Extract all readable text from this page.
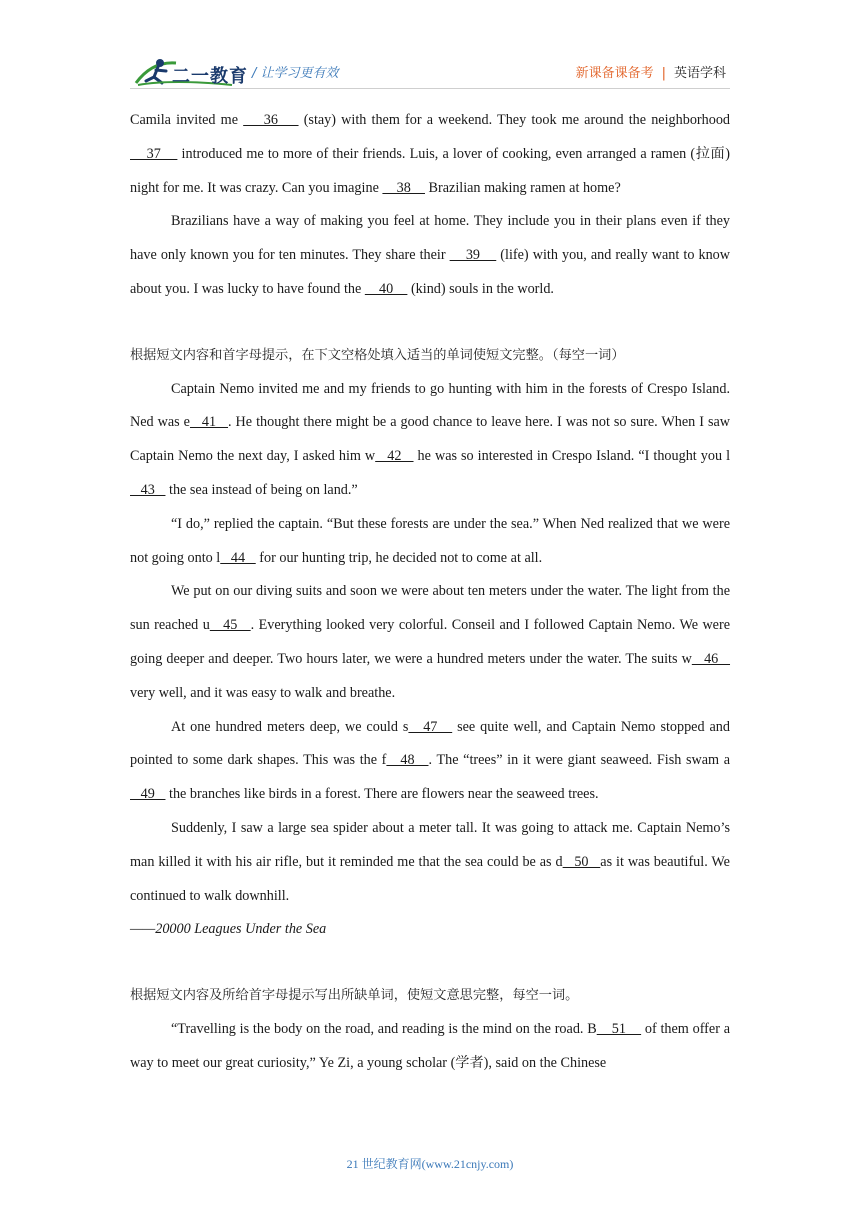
二一教育 / 让学习更有效	新课备课备考 | 英语学科

Camila invited me     36     (stay) with them for a weekend. They took me around the neighborhood     37     introduced me to more of their friends. Luis, a lover of cooking, even arranged a ramen (拉面) night for me. It was crazy. Can you imagine     38     Brazilian making ramen at home?

Brazilians have a way of making you feel at home. They include you in their plans even if they have only known you for ten minutes. They share their     39     (life) with you, and really want to know about you. I was lucky to have found the     40     (kind) souls in the world.

根据短文内容和首字母提示，在下文空格处填入适当的单词使短文完整。（每空一词）

Captain Nemo invited me and my friends to go hunting with him in the forests of Crespo Island. Ned was e   41   . He thought there might be a good chance to leave here. I was not so sure. When I saw Captain Nemo the next day, I asked him w   42    he was so interested in Crespo Island. “I thought you l   43    the sea instead of being on land.”

“I do,” replied the captain. “But these forests are under the sea.” When Ned realized that we were not going onto l   44    for our hunting trip, he decided not to come at all.

We put on our diving suits and soon we were about ten meters under the water. The light from the sun reached u   45   . Everything looked very colorful. Conseil and I followed Captain Nemo. We were going deeper and deeper. Two hours later, we were a hundred meters under the water. The suits w   46    very well, and it was easy to walk and breathe.

At one hundred meters deep, we could s   47    see quite well, and Captain Nemo stopped and pointed to some dark shapes. This was the f   48   . The “trees” in it were giant seaweed. Fish swam a   49    the branches like birds in a forest. There are flowers near the seaweed trees.

Suddenly, I saw a large sea spider about a meter tall. It was going to attack me. Captain Nemo’s man killed it with his air rifle, but it reminded me that the sea could be as d   50   as it was beautiful. We continued to walk downhill.

——20000 Leagues Under the Sea

根据短文内容及所给首字母提示写出所缺单词，使短文意思完整，每空一词。

“Travelling is the body on the road, and reading is the mind on the road. B    51     of them offer a way to meet our great curiosity,” Ye Zi, a young scholar (学者), said on the Chinese

21 世纪教育网(www.21cnjy.com)
